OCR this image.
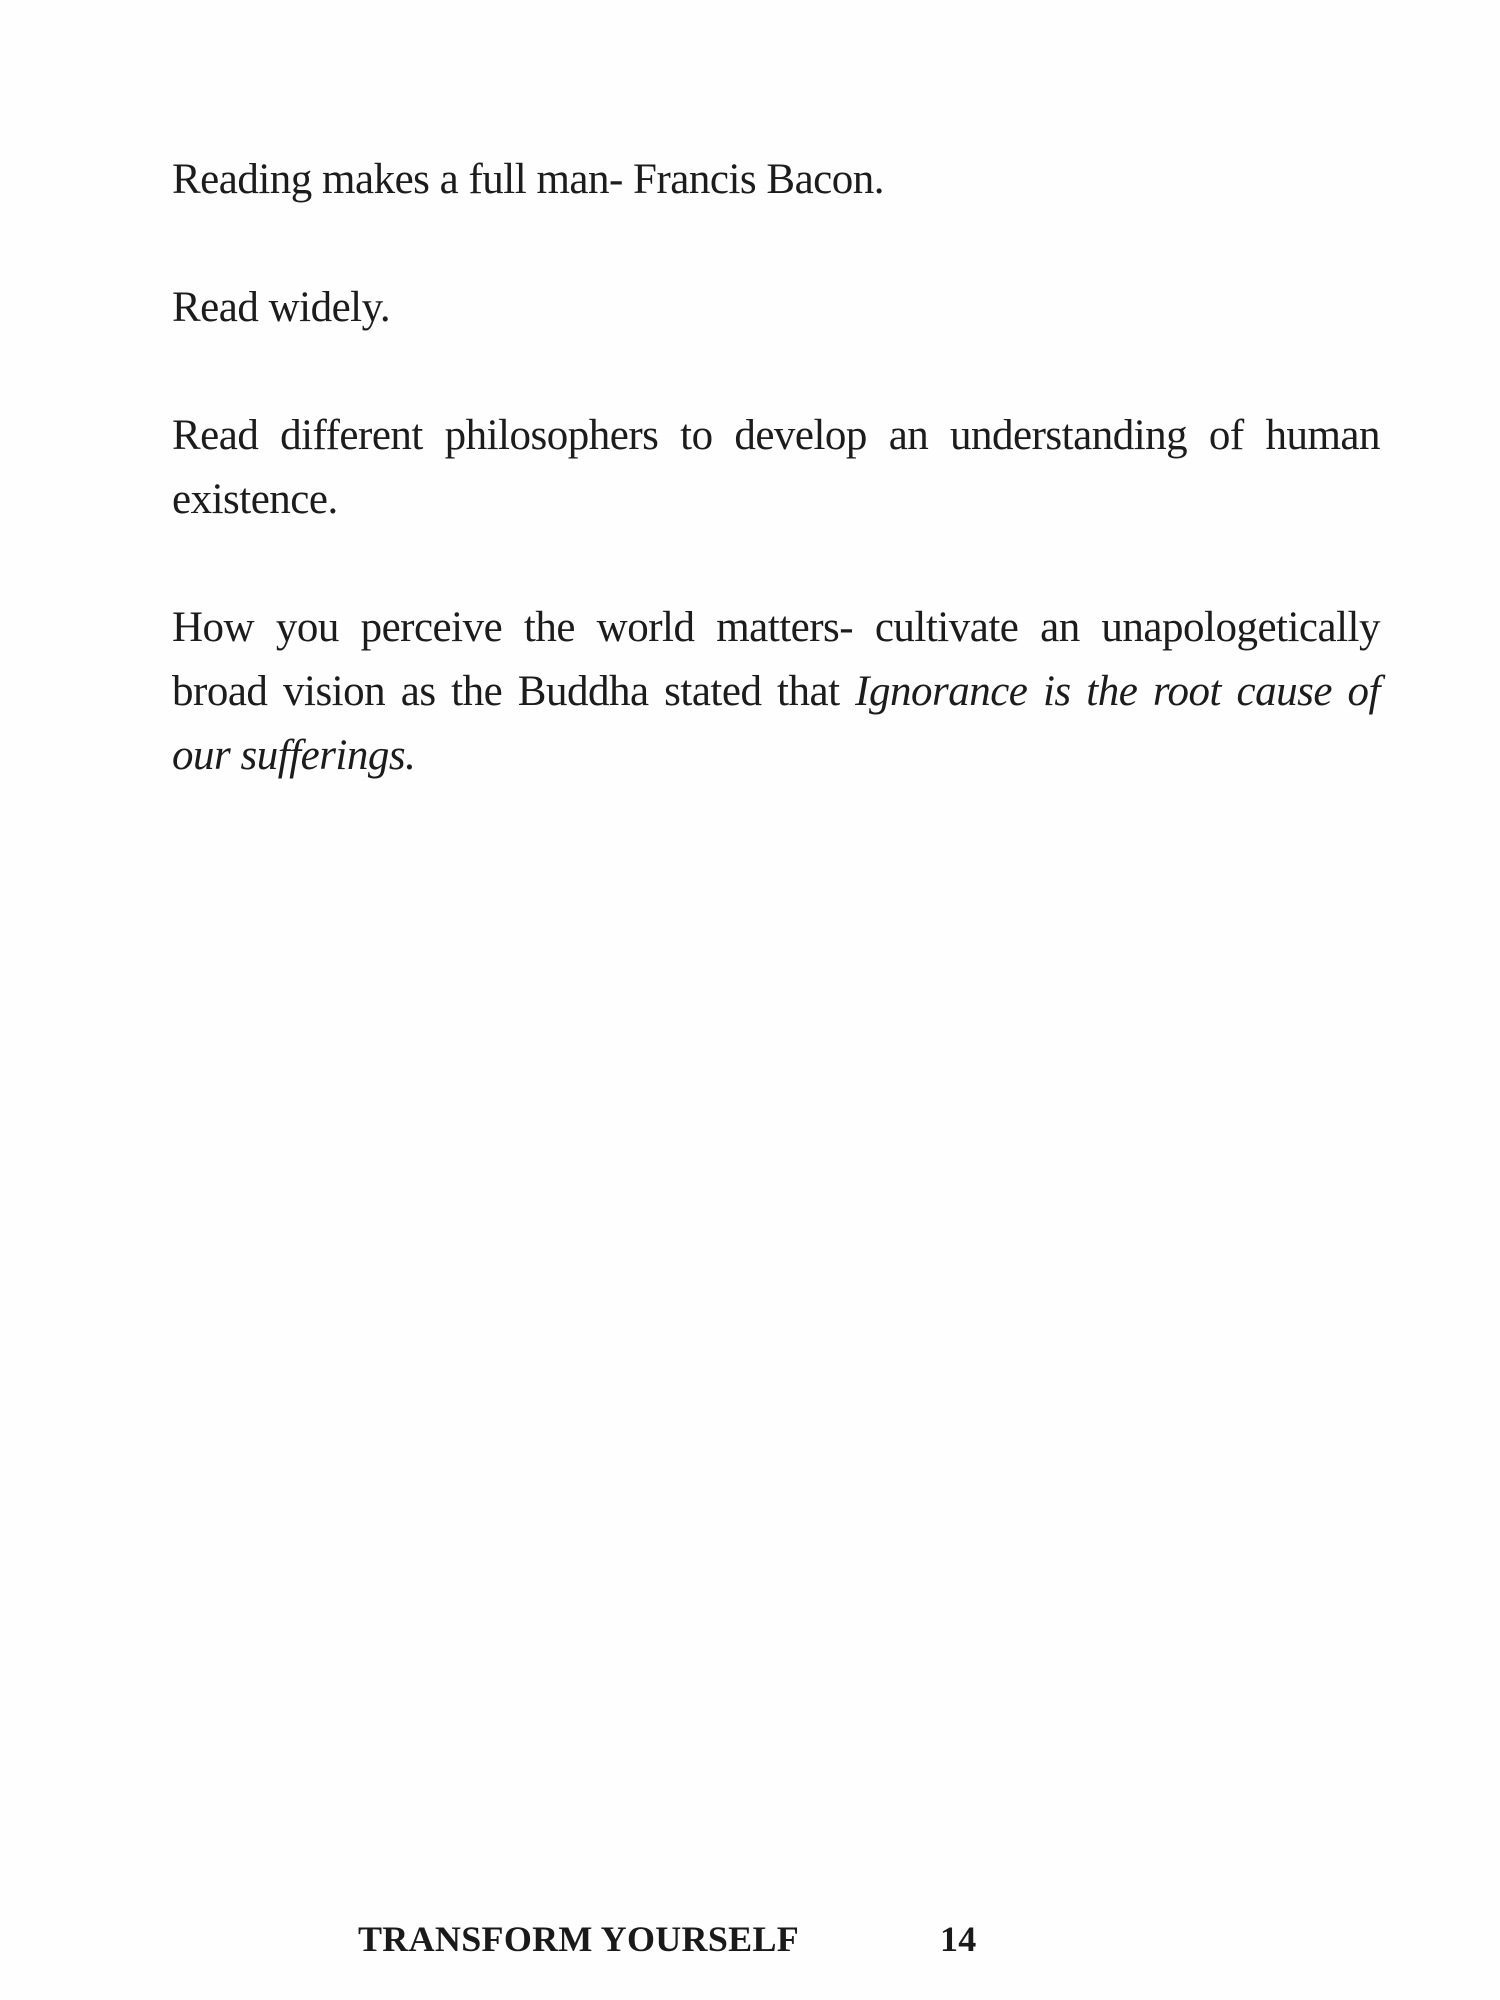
Reading makes a full man- Francis Bacon.

Read widely.

Read different philosophers to develop an understanding of human existence.

How you perceive the world matters- cultivate an unapologetically broad vision as the Buddha stated that Ignorance is the root cause of our sufferings.

TRANSFORM YOURSELF	14
